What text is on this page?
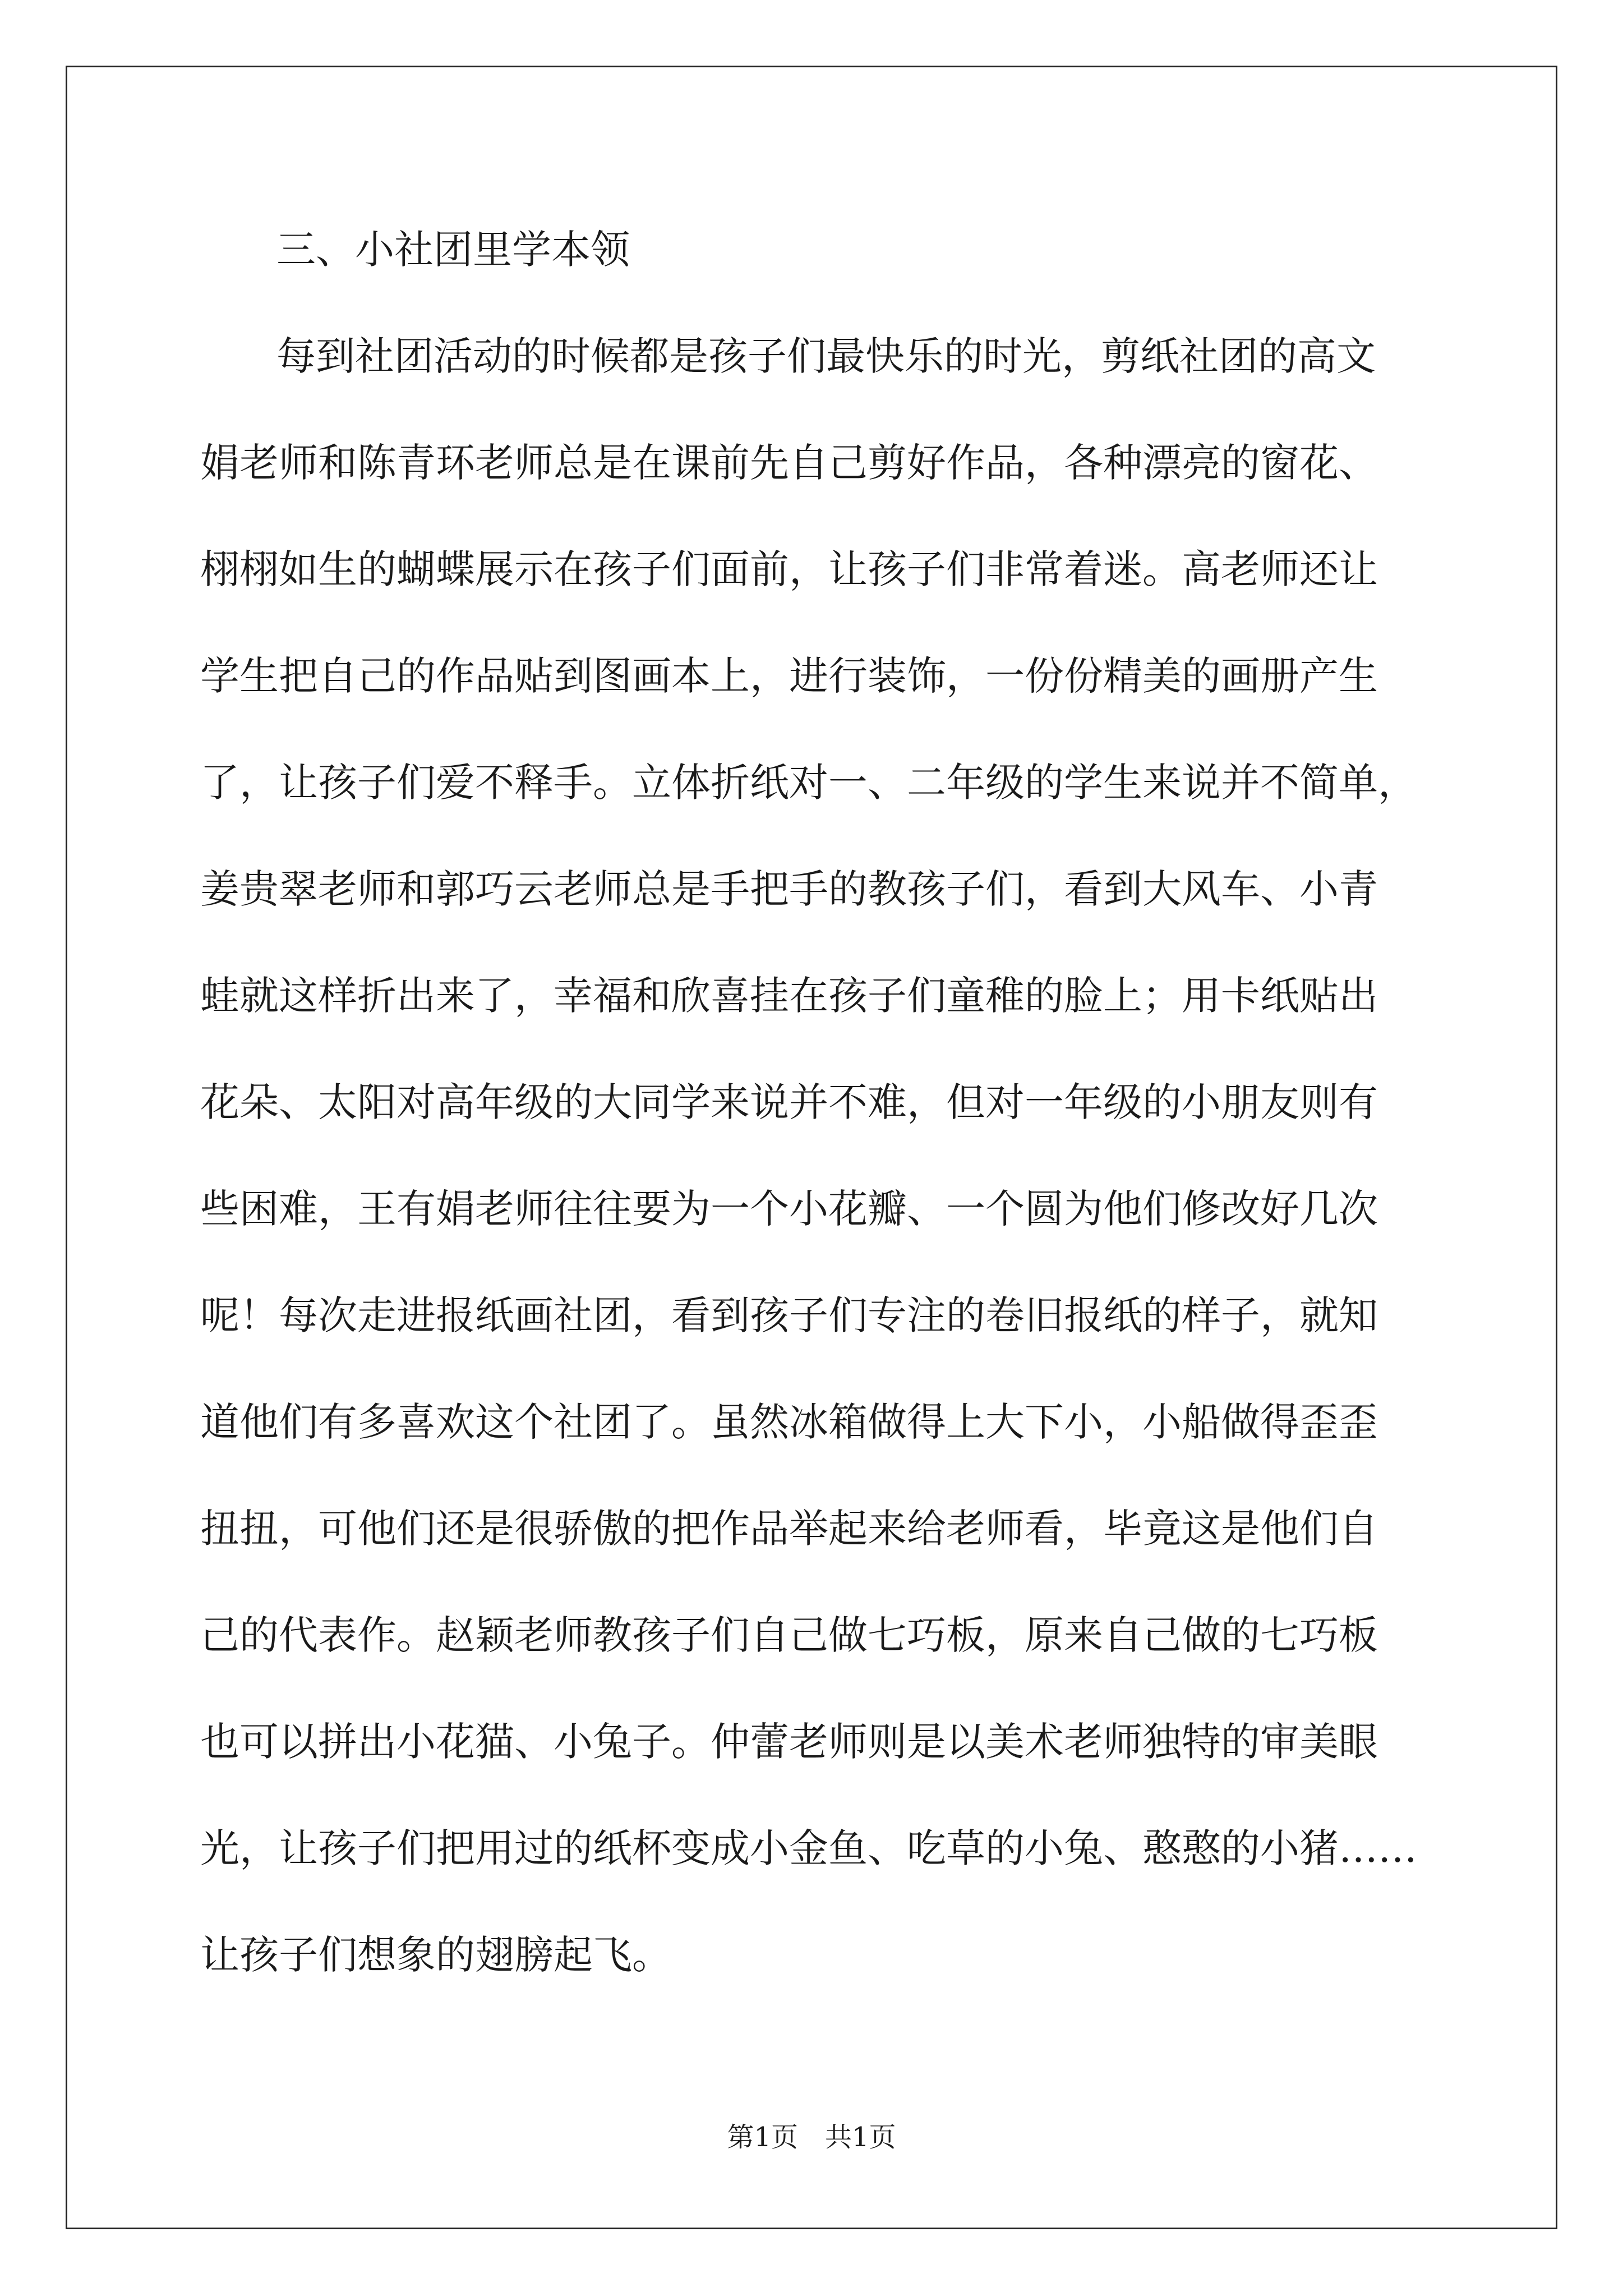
三、小社团里学本领
每到社团活动的时候都是孩子们最快乐的时光，剪纸社团的高文
娟老师和陈青环老师总是在课前先自己剪好作品，各种漂亮的窗花、
栩栩如生的蝴蝶展示在孩子们面前，让孩子们非常着迷。高老师还让
学生把自己的作品贴到图画本上，进行装饰，一份份精美的画册产生
了，让孩子们爱不释手。立体折纸对一、二年级的学生来说并不简单，
姜贵翠老师和郭巧云老师总是手把手的教孩子们，看到大风车、小青
蛙就这样折出来了，幸福和欣喜挂在孩子们童稚的脸上；用卡纸贴出
花朵、太阳对高年级的大同学来说并不难，但对一年级的小朋友则有
些困难，王有娟老师往往要为一个小花瓣、一个圆为他们修改好几次
呢！每次走进报纸画社团，看到孩子们专注的卷旧报纸的样子，就知
道他们有多喜欢这个社团了。虽然冰箱做得上大下小，小船做得歪歪
扭扭，可他们还是很骄傲的把作品举起来给老师看，毕竟这是他们自
己的代表作。赵颖老师教孩子们自己做七巧板，原来自己做的七巧板
也可以拼出小花猫、小兔子。仲蕾老师则是以美术老师独特的审美眼
光，让孩子们把用过的纸杯变成小金鱼、吃草的小兔、憨憨的小猪……
让孩子们想象的翅膀起飞。
第1页　共1页
